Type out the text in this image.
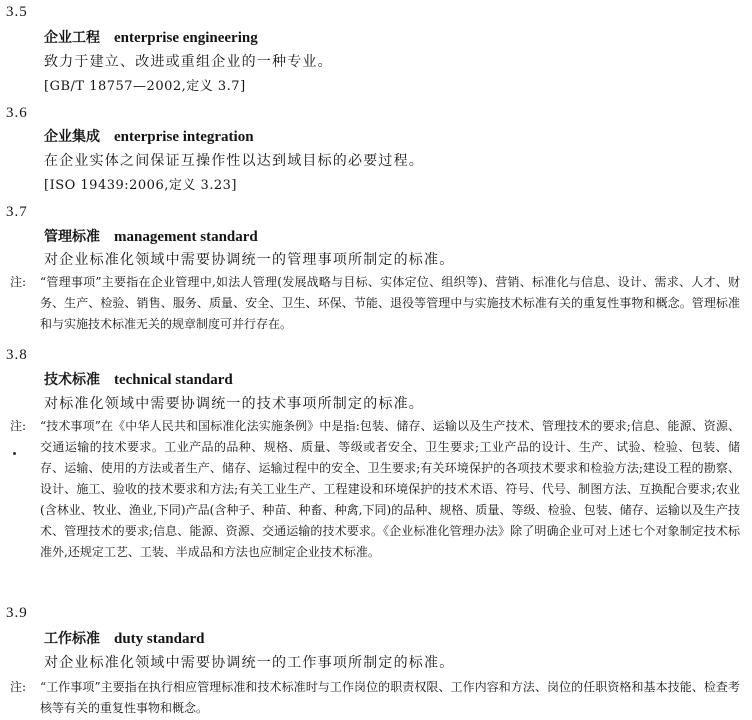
3.5
企业工程 enterprise engineering
致力于建立、改进或重组企业的一种专业。
[GB/T 18757—2002,定义 3.7]
3.6
企业集成 enterprise integration
在企业实体之间保证互操作性以达到域目标的必要过程。
[ISO 19439:2006,定义 3.23]
3.7
管理标准 management standard
对企业标准化领域中需要协调统一的管理事项所制定的标准。
注:	“管理事项”主要指在企业管理中,如法人管理(发展战略与目标、实体定位、组织等)、营销、标准化与信息、设计、需求、人才、财务、生产、检验、销售、服务、质量、安全、卫生、环保、节能、退役等管理中与实施技术标准有关的重复性事物和概念。管理标准和与实施技术标准无关的规章制度可并行存在。
3.8
技术标准 technical standard
对标准化领域中需要协调统一的技术事项所制定的标准。
注:	“技术事项”在《中华人民共和国标准化法实施条例》中是指:包装、储存、运输以及生产技术、管理技术的要求;信息、能源、资源、交通运输的技术要求。工业产品的品种、规格、质量、等级或者安全、卫生要求;工业产品的设计、生产、试验、检验、包装、储存、运输、使用的方法或者生产、储存、运输过程中的安全、卫生要求;有关环境保护的各项技术要求和检验方法;建设工程的勘察、设计、施工、验收的技术要求和方法;有关工业生产、工程建设和环境保护的技术术语、符号、代号、制图方法、互换配合要求;农业(含林业、牧业、渔业,下同)产品(含种子、种苗、种畜、种禽,下同)的品种、规格、质量、等级、检验、包装、储存、运输以及生产技术、管理技术的要求;信息、能源、资源、交通运输的技术要求。《企业标准化管理办法》除了明确企业可对上述七个对象制定技术标准外,还规定工艺、工装、半成品和方法也应制定企业技术标准。
3.9
工作标准 duty standard
对企业标准化领域中需要协调统一的工作事项所制定的标准。
注:	“工作事项”主要指在执行相应管理标准和技术标准时与工作岗位的职责权限、工作内容和方法、岗位的任职资格和基本技能、检查考核等有关的重复性事物和概念。
